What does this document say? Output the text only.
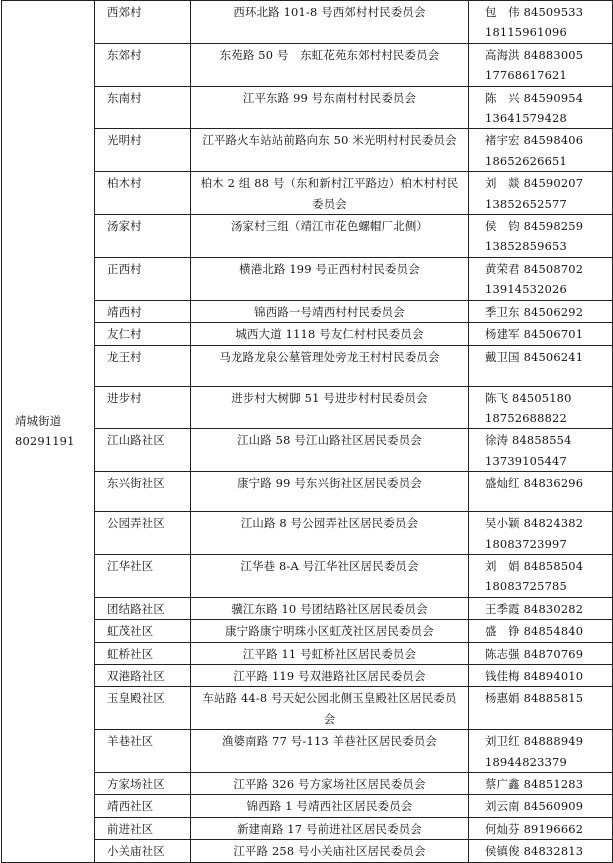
靖城街道
80291191	西郊村	西环北路 101-8 号西郊村村民委员会	包　伟 84509533
18115961096

	东郊村	东苑路 50 号　东虹花苑东郊村村民委员会	高海洪 84883005
17768617621

	东南村	江平东路 99 号东南村村民委员会	陈　兴 84590954
13641579428

	光明村	江平路火车站站前路向东 50 米光明村村民委员会	褚宇宏 84598406
18652626651

	柏木村	柏木 2 组 88 号（东和新村江平路边）柏木村村民委员会	刘　燚 84590207
13852652577

	汤家村	汤家村三组（靖江市花色螺帽厂北侧）	侯　钧 84598259
13852859653

	正西村	横港北路 199 号正西村村民委员会	黄荣君 84508702
13914532026

	靖西村	锦西路一号靖西村村民委员会	季卫东 84506292

	友仁村	城西大道 1118 号友仁村村民委员会	杨建军 84506701

	龙王村	马龙路龙泉公墓管理处旁龙王村村民委员会	戴卫国 84506241

	进步村	进步村大树脚 51 号进步村村民委员会	陈飞 84505180
18752688822

	江山路社区	江山路 58 号江山路社区居民委员会	徐涛 84858554
13739105447

	东兴街社区	康宁路 99 号东兴街社区居民委员会	盛灿红 84836296

	公园弄社区	江山路 8 号公园弄社区居民委员会	吴小颖 84824382
18083723997

	江华社区	江华巷 8-A 号江华社区居民委员会	刘　娟 84858504
18083725785

	团结路社区	骥江东路 10 号团结路社区居民委员会	王季霞 84830282

	虹茂社区	康宁路康宁明珠小区虹茂社区居民委员会	盛　铮 84854840

	虹桥社区	江平路 11 号虹桥社区居民委员会	陈志强 84870769

	双港路社区	江平路 119 号双港路社区居民委员会	钱佳梅 84894010

	玉皇殿社区	车站路 44-8 号天妃公园北侧玉皇殿社区居民委员会	杨惠娟 84885815

	羊巷社区	渔婆南路 77 号-113 羊巷社区居民委员会	刘卫红 84888949
18944823379

	方家场社区	江平路 326 号方家场社区居民委员会	蔡广鑫 84851283

	靖西社区	锦西路 1 号靖西社区居民委员会	刘云南 84560909

	前进社区	新建南路 17 号前进社区居民委员会	何灿芬 89196662

	小关庙社区	江平路 258 号小关庙社区居民委员会	侯镇俊 84832813
